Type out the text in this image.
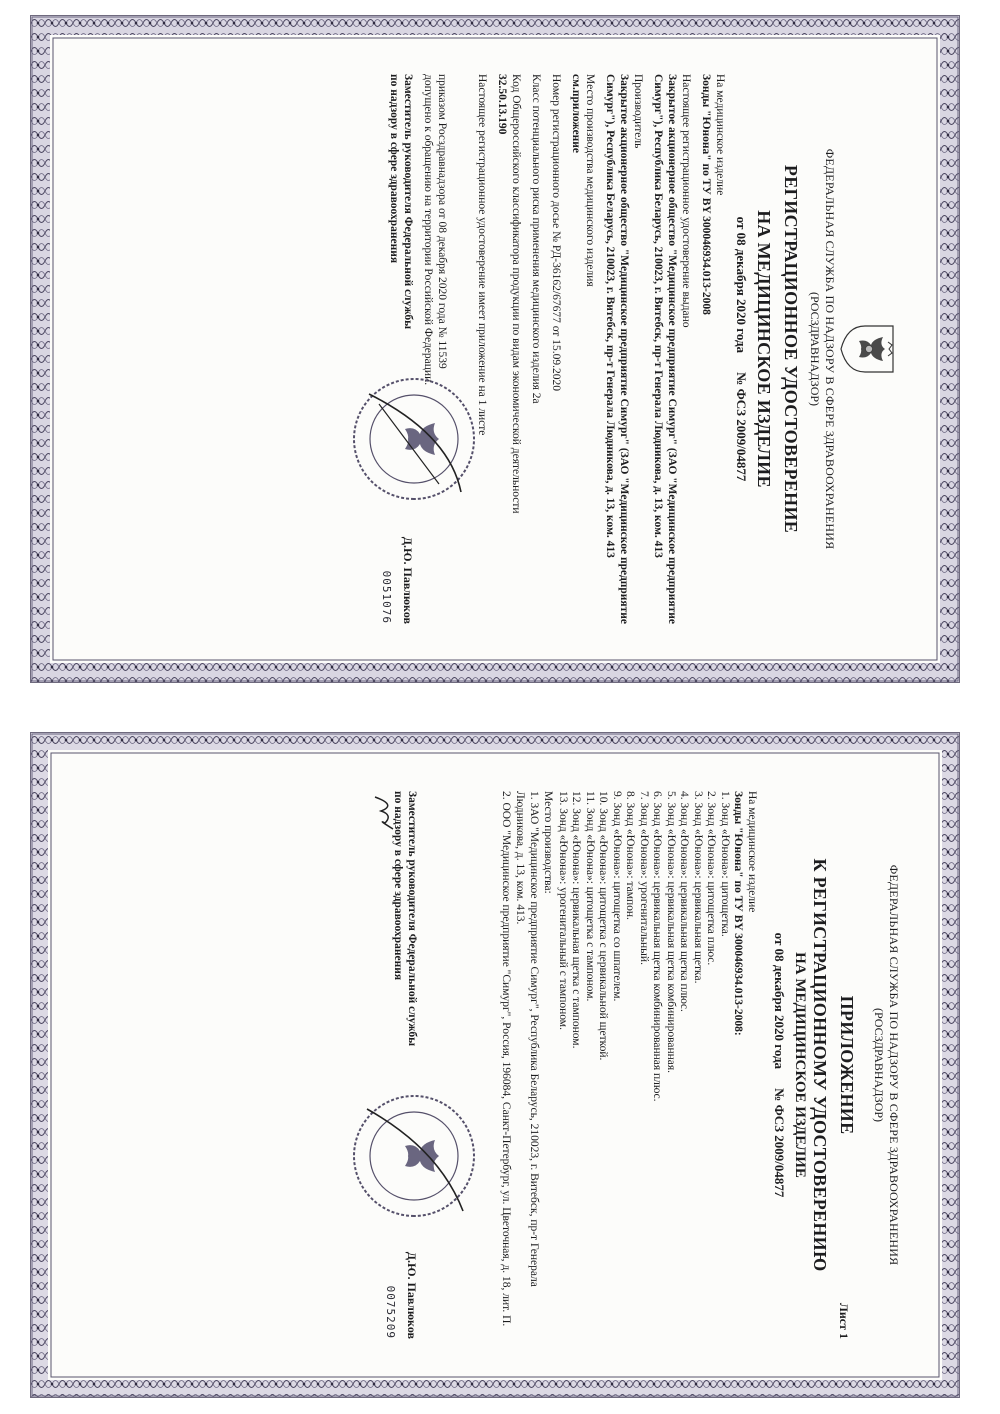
ФЕДЕРАЛЬНАЯ СЛУЖБА ПО НАДЗОРУ В СФЕРЕ ЗДРАВООХРАНЕНИЯ
(РОСЗДРАВНАДЗОР)
РЕГИСТРАЦИОННОЕ УДОСТОВЕРЕНИЕ
НА МЕДИЦИНСКОЕ ИЗДЕЛИЕ
от 08 декабря 2020 года № ФСЗ 2009/04877
На медицинское изделие
Зонды "Юнона" по ТУ BY 300046934.013-2008
Настоящее регистрационное удостоверение выдано
Закрытое акционерное общество "Медицинское предприятие Симург" (ЗАО "Медицинское предприятие Симург"), Республика Беларусь, 210023, г. Витебск, пр-т Генерала Людникова, д. 13, ком. 413
Производитель
Закрытое акционерное общество "Медицинское предприятие Симург" (ЗАО "Медицинское предприятие Симург"), Республика Беларусь, 210023, г. Витебск, пр-т Генерала Людникова, д. 13, ком. 413
Место производства медицинского изделия
см.приложение
Номер регистрационного досье № РД-36162/67677 от 15.09.2020
Класс потенциального риска применения медицинского изделия 2а
Код Общероссийского классификатора продукции по видам экономической деятельности
32.50.13.190
Настоящее регистрационное удостоверение имеет приложение на 1 листе
приказом Росздравнадзора от 08 декабря 2020 года № 11539
допущено к обращению на территории Российской Федерации.
Заместитель руководителя Федеральной службы
по надзору в сфере здравоохранения
Д.Ю. Павлюков
0051076
ФЕДЕРАЛЬНАЯ СЛУЖБА ПО НАДЗОРУ В СФЕРЕ ЗДРАВООХРАНЕНИЯ
(РОСЗДРАВНАДЗОР)
Лист 1
ПРИЛОЖЕНИЕ
К РЕГИСТРАЦИОННОМУ УДОСТОВЕРЕНИЮ
НА МЕДИЦИНСКОЕ ИЗДЕЛИЕ
от 08 декабря 2020 года № ФСЗ 2009/04877
На медицинское изделие
Зонды "Юнона" по ТУ BY 300046934.013-2008:
1. Зонд «Юнона»: цитощетка.
2. Зонд «Юнона»: цитощетка плюс.
3. Зонд «Юнона»: цервикальная щетка.
4. Зонд «Юнона»: цервикальная щетка плюс.
5. Зонд «Юнона»: цервикальная щетка комбинированная.
6. Зонд «Юнона»: цервикальная щетка комбинированная плюс.
7. Зонд «Юнона»: урогенитальный.
8. Зонд «Юнона»: тампон.
9. Зонд «Юнона»: цитощетка со шпателем.
10. Зонд «Юнона»: цитощетка с цервикальной щеткой.
11. Зонд «Юнона»: цитощетка с тампоном.
12. Зонд «Юнона»: цервикальная щетка с тампоном.
13. Зонд «Юнона»: урогенитальный с тампоном.
Место производства:
1. ЗАО "Медицинское предприятие Симург", Республика Беларусь, 210023, г. Витебск, пр-т Генерала Людникова, д. 13, ком. 413.
2. ООО "Медицинское предприятие "Симург", Россия, 196084, Санкт-Петербург, ул. Цветочная, д. 18, лит. П.
Заместитель руководителя Федеральной службы
по надзору в сфере здравоохранения
Д.Ю. Павлюков
0075209
